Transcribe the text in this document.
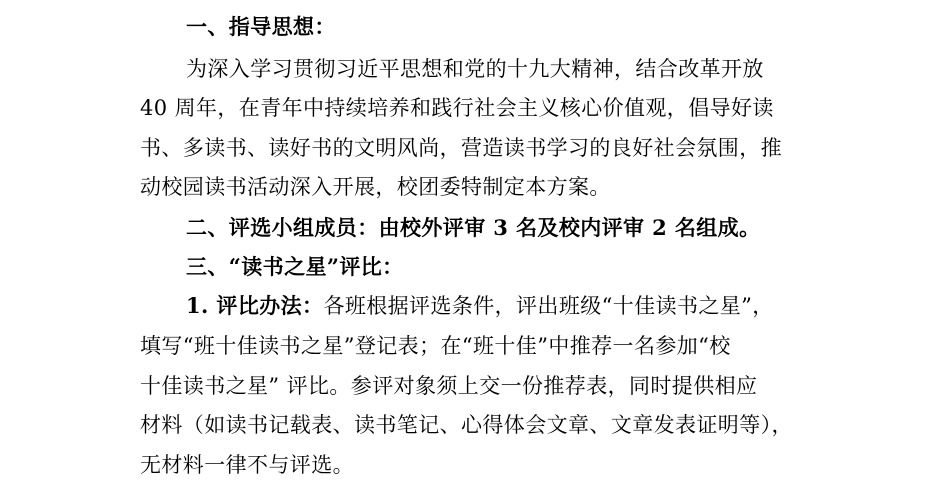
一、指导思想：
为深入学习贯彻习近平思想和党的十九大精神，结合改革开放
40 周年，在青年中持续培养和践行社会主义核心价值观，倡导好读
书、多读书、读好书的文明风尚，营造读书学习的良好社会氛围，推
动校园读书活动深入开展，校团委特制定本方案。
二、评选小组成员：由校外评审 3 名及校内评审 2 名组成。
三、“读书之星”评比：
1. 评比办法：各班根据评选条件，评出班级“十佳读书之星”，
填写“班十佳读书之星”登记表；在“班十佳”中推荐一名参加“校
十佳读书之星” 评比。参评对象须上交一份推荐表，同时提供相应
材料（如读书记载表、读书笔记、心得体会文章、文章发表证明等），
无材料一律不与评选。
